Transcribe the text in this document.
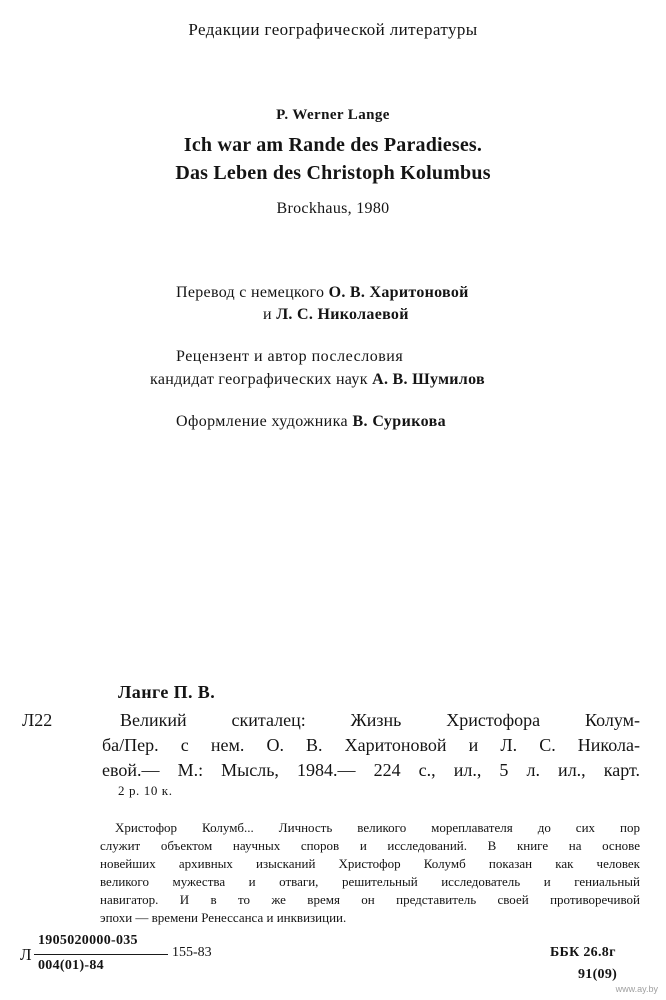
Редакции географической литературы
P. Werner Lange
Ich war am Rande des Paradieses.
Das Leben des Christoph Kolumbus
Brockhaus, 1980
Перевод с немецкого О. В. Харитоновой
и Л. С. Николаевой
Рецензент и автор послесловия
кандидат географических наук А. В. Шумилов
Оформление художника В. Сурикова
Ланге П. В.
Л22	Великий скиталец: Жизнь Христофора Колум-
ба/Пер. с нем. О. В. Харитоновой и Л. С. Никола-
евой.— М.: Мысль, 1984.— 224 с., ил., 5 л. ил., карт.
2 р. 10 к.
Христофор Колумб... Личность великого мореплавателя до сих пор
служит объектом научных споров и исследований. В книге на основе
новейших архивных изысканий Христофор Колумб показан как человек
великого мужества и отваги, решительный исследователь и гениальный
навигатор. И в то же время он представитель своей противоречивой
эпохи — времени Ренессанса и инквизиции.
Л
1905020000-035
004(01)-84
155-83	ББК 26.8г
91(09)
www.ay.by
